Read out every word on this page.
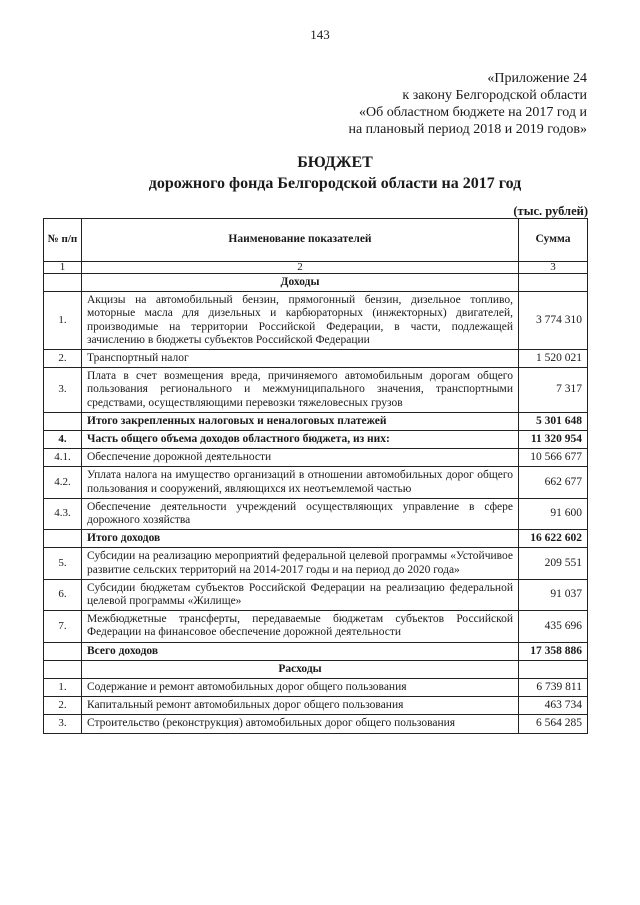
143
«Приложение 24
к закону Белгородской области
«Об областном бюджете на 2017 год и
на плановый период 2018 и 2019 годов»
БЮДЖЕТ
дорожного фонда Белгородской области на 2017 год
(тыс. рублей)
№ п/п	Наименование показателей	Сумма
1	2	3
	Доходы	
1.	Акцизы на автомобильный бензин, прямогонный бензин, дизельное топливо, моторные масла для дизельных и карбюраторных (инжекторных) двигателей, производимые на территории Российской Федерации, в части, подлежащей зачислению в бюджеты субъектов Российской Федерации	3 774 310
2.	Транспортный налог	1 520 021
3.	Плата в счет возмещения вреда, причиняемого автомобильным дорогам общего пользования регионального и межмуниципального значения, транспортными средствами, осуществляющими перевозки тяжеловесных грузов	7 317
	Итого закрепленных налоговых и неналоговых платежей	5 301 648
4.	Часть общего объема доходов областного бюджета, из них:	11 320 954
4.1.	Обеспечение дорожной деятельности	10 566 677
4.2.	Уплата налога на имущество организаций в отношении автомобильных дорог общего пользования и сооружений, являющихся их неотъемлемой частью	662 677
4.3.	Обеспечение деятельности учреждений осуществляющих управление в сфере дорожного хозяйства	91 600
	Итого доходов	16 622 602
5.	Субсидии на реализацию мероприятий федеральной целевой программы «Устойчивое развитие сельских территорий на 2014-2017 годы и на период до 2020 года»	209 551
6.	Субсидии бюджетам субъектов Российской Федерации на реализацию федеральной целевой программы «Жилище»	91 037
7.	Межбюджетные трансферты, передаваемые бюджетам субъектов Российской Федерации на финансовое обеспечение дорожной деятельности	435 696
	Всего доходов	17 358 886
	Расходы	
1.	Содержание и ремонт автомобильных дорог общего пользования	6 739 811
2.	Капитальный ремонт автомобильных дорог общего пользования	463 734
3.	Строительство (реконструкция) автомобильных дорог общего пользования	6 564 285
